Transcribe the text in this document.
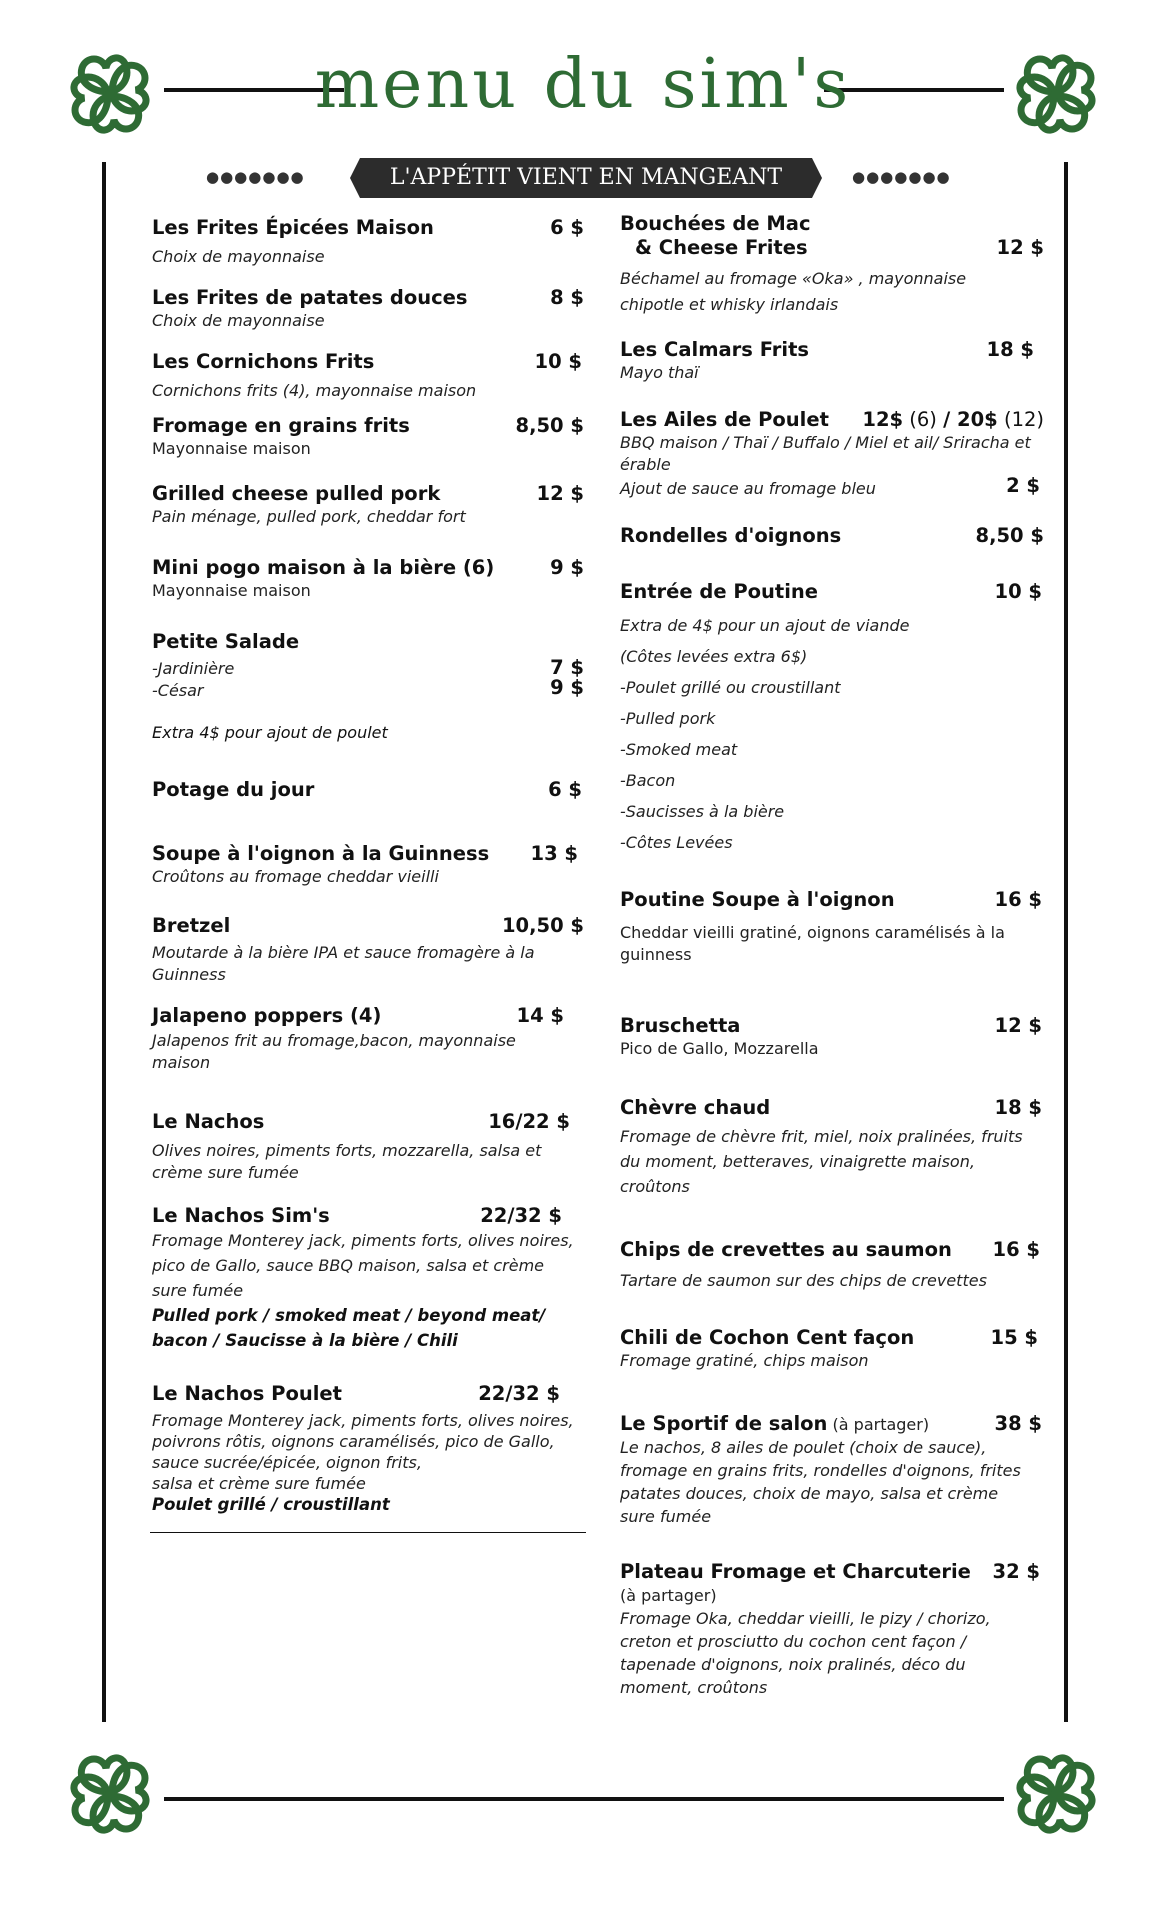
menu du sim's
L'APPÉTIT VIENT EN MANGEANT
●●●●●●●	●●●●●●●
Les Frites Épicées Maison	6 $
Choix de mayonnaise
Les Frites de patates douces	8 $
Choix de mayonnaise
Les Cornichons Frits	10 $
Cornichons frits (4), mayonnaise maison
Fromage en grains frits	8,50 $
Mayonnaise maison
Grilled cheese pulled pork	12 $
Pain ménage, pulled pork, cheddar fort
Mini pogo maison à la bière (6)	9 $
Mayonnaise maison
Petite Salade
-Jardinière	7 $
-César	9 $
Extra 4$ pour ajout de poulet
Potage du jour	6 $
Soupe à l'oignon à la Guinness	13 $
Croûtons au fromage cheddar vieilli
Bretzel	10,50 $
Moutarde à la bière IPA et sauce fromagère à la
Guinness
Jalapeno poppers (4)	14 $
Jalapenos frit au fromage,bacon, mayonnaise
maison
Le Nachos	16/22 $
Olives noires, piments forts, mozzarella, salsa et
crème sure fumée
Le Nachos Sim's	22/32 $
Fromage Monterey jack, piments forts, olives noires,
pico de Gallo, sauce BBQ maison, salsa et crème
sure fumée
Pulled pork / smoked meat / beyond meat/
bacon / Saucisse à la bière / Chili
Le Nachos Poulet	22/32 $
Fromage Monterey jack, piments forts, olives noires,
poivrons rôtis, oignons caramélisés, pico de Gallo,
sauce sucrée/épicée, oignon frits,
salsa et crème sure fumée
Poulet grillé / croustillant
Bouchées de Mac
& Cheese Frites	12 $
Béchamel au fromage «Oka» , mayonnaise
chipotle et whisky irlandais
Les Calmars Frits	18 $
Mayo thaï
Les Ailes de Poulet	12$ (6) / 20$ (12)
BBQ maison / Thaï / Buffalo / Miel et ail/ Sriracha et
érable
Ajout de sauce au fromage bleu	2 $
Rondelles d'oignons	8,50 $
Entrée de Poutine	10 $
Extra de 4$ pour un ajout de viande
(Côtes levées extra 6$)
-Poulet grillé ou croustillant
-Pulled pork
-Smoked meat
-Bacon
-Saucisses à la bière
-Côtes Levées
Poutine Soupe à l'oignon	16 $
Cheddar vieilli gratiné, oignons caramélisés à la
guinness
Bruschetta	12 $
Pico de Gallo, Mozzarella
Chèvre chaud	18 $
Fromage de chèvre frit, miel, noix pralinées, fruits
du moment, betteraves, vinaigrette maison,
croûtons
Chips de crevettes au saumon	16 $
Tartare de saumon sur des chips de crevettes
Chili de Cochon Cent façon	15 $
Fromage gratiné, chips maison
Le Sportif de salon (à partager)	38 $
Le nachos, 8 ailes de poulet (choix de sauce),
fromage en grains frits, rondelles d'oignons, frites
patates douces, choix de mayo, salsa et crème
sure fumée
Plateau Fromage et Charcuterie	32 $
(à partager)
Fromage Oka, cheddar vieilli, le pizy / chorizo,
creton et prosciutto du cochon cent façon /
tapenade d'oignons, noix pralinés, déco du
moment, croûtons
